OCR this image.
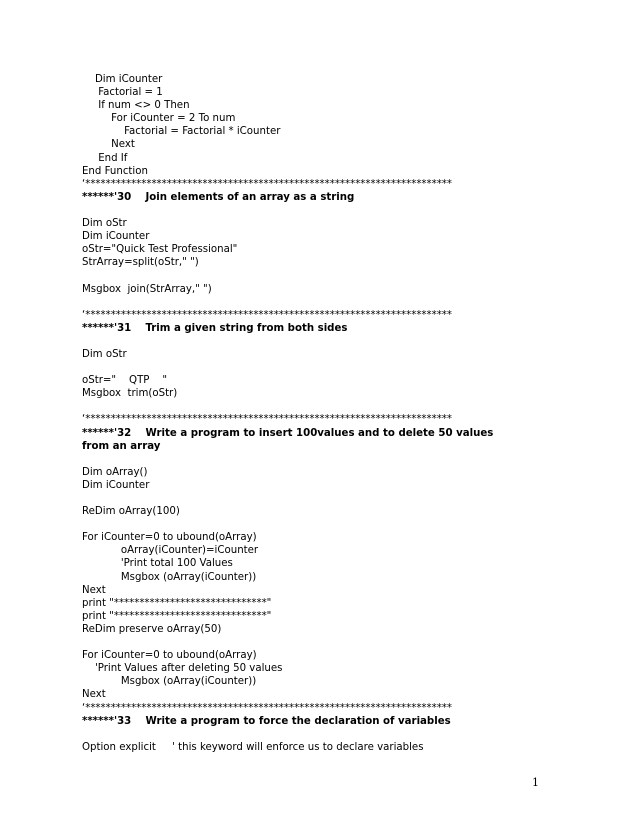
Dim iCounter
Factorial = 1
If num <> 0 Then
For iCounter = 2 To num
Factorial = Factorial * iCounter
Next
End If
End Function
‘************************************************************************
******'30    Join elements of an array as a string
Dim oStr
Dim iCounter
oStr="Quick Test Professional"
StrArray=split(oStr," ")
Msgbox  join(StrArray," ")
‘************************************************************************
******'31    Trim a given string from both sides
Dim oStr
oStr="    QTP    "
Msgbox  trim(oStr)
‘************************************************************************
******'32    Write a program to insert 100values and to delete 50 values
from an array
Dim oArray()
Dim iCounter
ReDim oArray(100)
For iCounter=0 to ubound(oArray)
oArray(iCounter)=iCounter
'Print total 100 Values
Msgbox (oArray(iCounter))
Next
print "******************************"
print "******************************"
ReDim preserve oArray(50)
For iCounter=0 to ubound(oArray)
'Print Values after deleting 50 values
Msgbox (oArray(iCounter))
Next
‘************************************************************************
******'33    Write a program to force the declaration of variables
Option explicit     ' this keyword will enforce us to declare variables
1
